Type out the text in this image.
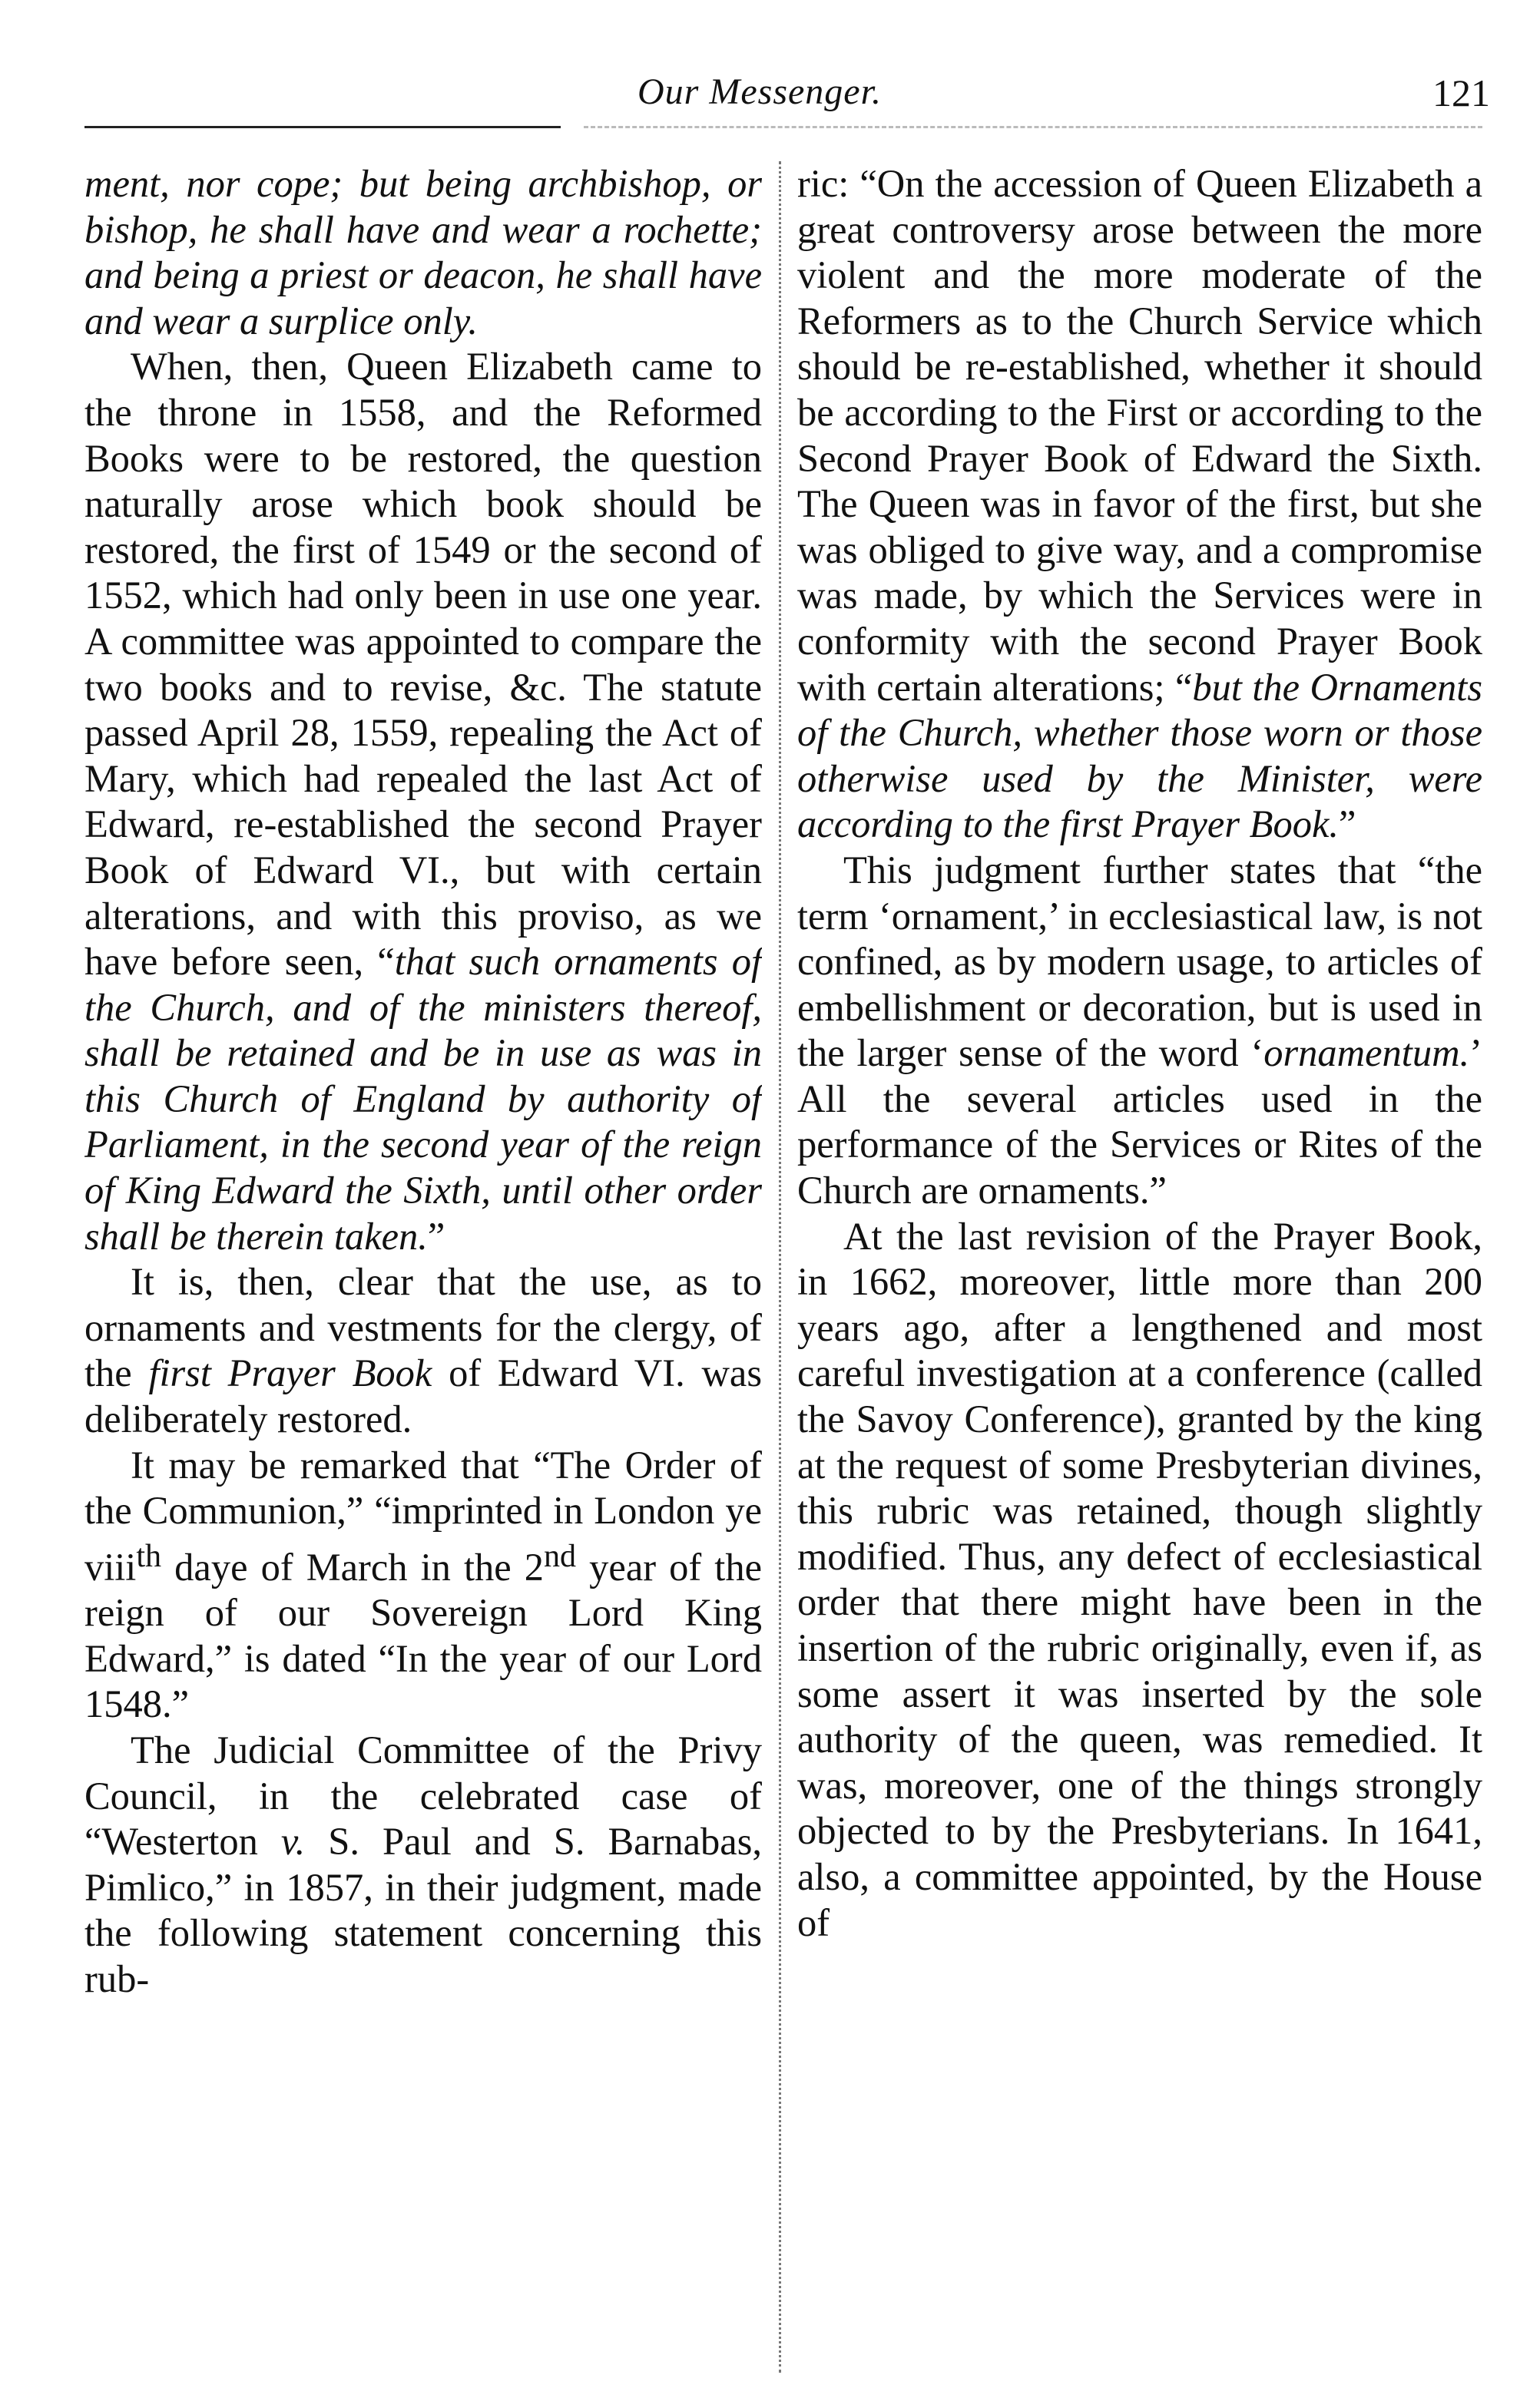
Our Messenger.	121

ment, nor cope; but being archbishop, or bishop, he shall have and wear a rochette; and being a priest or deacon, he shall have and wear a surplice only.

When, then, Queen Elizabeth came to the throne in 1558, and the Reformed Books were to be restored, the question naturally arose which book should be restored, the first of 1549 or the second of 1552, which had only been in use one year. A committee was appointed to compare the two books and to revise, &c. The statute passed April 28, 1559, repealing the Act of Mary, which had repealed the last Act of Edward, re-established the second Prayer Book of Edward VI., but with certain alterations, and with this proviso, as we have before seen, “that such ornaments of the Church, and of the ministers thereof, shall be retained and be in use as was in this Church of England by authority of Parliament, in the second year of the reign of King Edward the Sixth, until other order shall be therein taken.”

It is, then, clear that the use, as to ornaments and vestments for the clergy, of the first Prayer Book of Edward VI. was deliberately restored.

It may be remarked that “The Order of the Communion,” “imprinted in London ye viii$^{th}$ daye of March in the 2nd year of the reign of our Sovereign Lord King Edward,” is dated “In the year of our Lord 1548.”

The Judicial Committee of the Privy Council, in the celebrated case of “Westerton v. S. Paul and S. Barnabas, Pimlico,” in 1857, in their judgment, made the following statement concerning this rub-

ric: “On the accession of Queen Elizabeth a great controversy arose between the more violent and the more moderate of the Reformers as to the Church Service which should be re-established, whether it should be according to the First or according to the Second Prayer Book of Edward the Sixth. The Queen was in favor of the first, but she was obliged to give way, and a compromise was made, by which the Services were in conformity with the second Prayer Book with certain alterations; “but the Ornaments of the Church, whether those worn or those otherwise used by the Minister, were according to the first Prayer Book.”

This judgment further states that “the term ‘ornament,’ in ecclesiastical law, is not confined, as by modern usage, to articles of embellishment or decoration, but is used in the larger sense of the word ‘ornamentum.’ All the several articles used in the performance of the Services or Rites of the Church are ornaments.”

At the last revision of the Prayer Book, in 1662, moreover, little more than 200 years ago, after a lengthened and most careful investigation at a conference (called the Savoy Conference), granted by the king at the request of some Presbyterian divines, this rubric was retained, though slightly modified. Thus, any defect of ecclesiastical order that there might have been in the insertion of the rubric originally, even if, as some assert it was inserted by the sole authority of the queen, was remedied. It was, moreover, one of the things strongly objected to by the Presbyterians. In 1641, also, a committee appointed, by the House of
